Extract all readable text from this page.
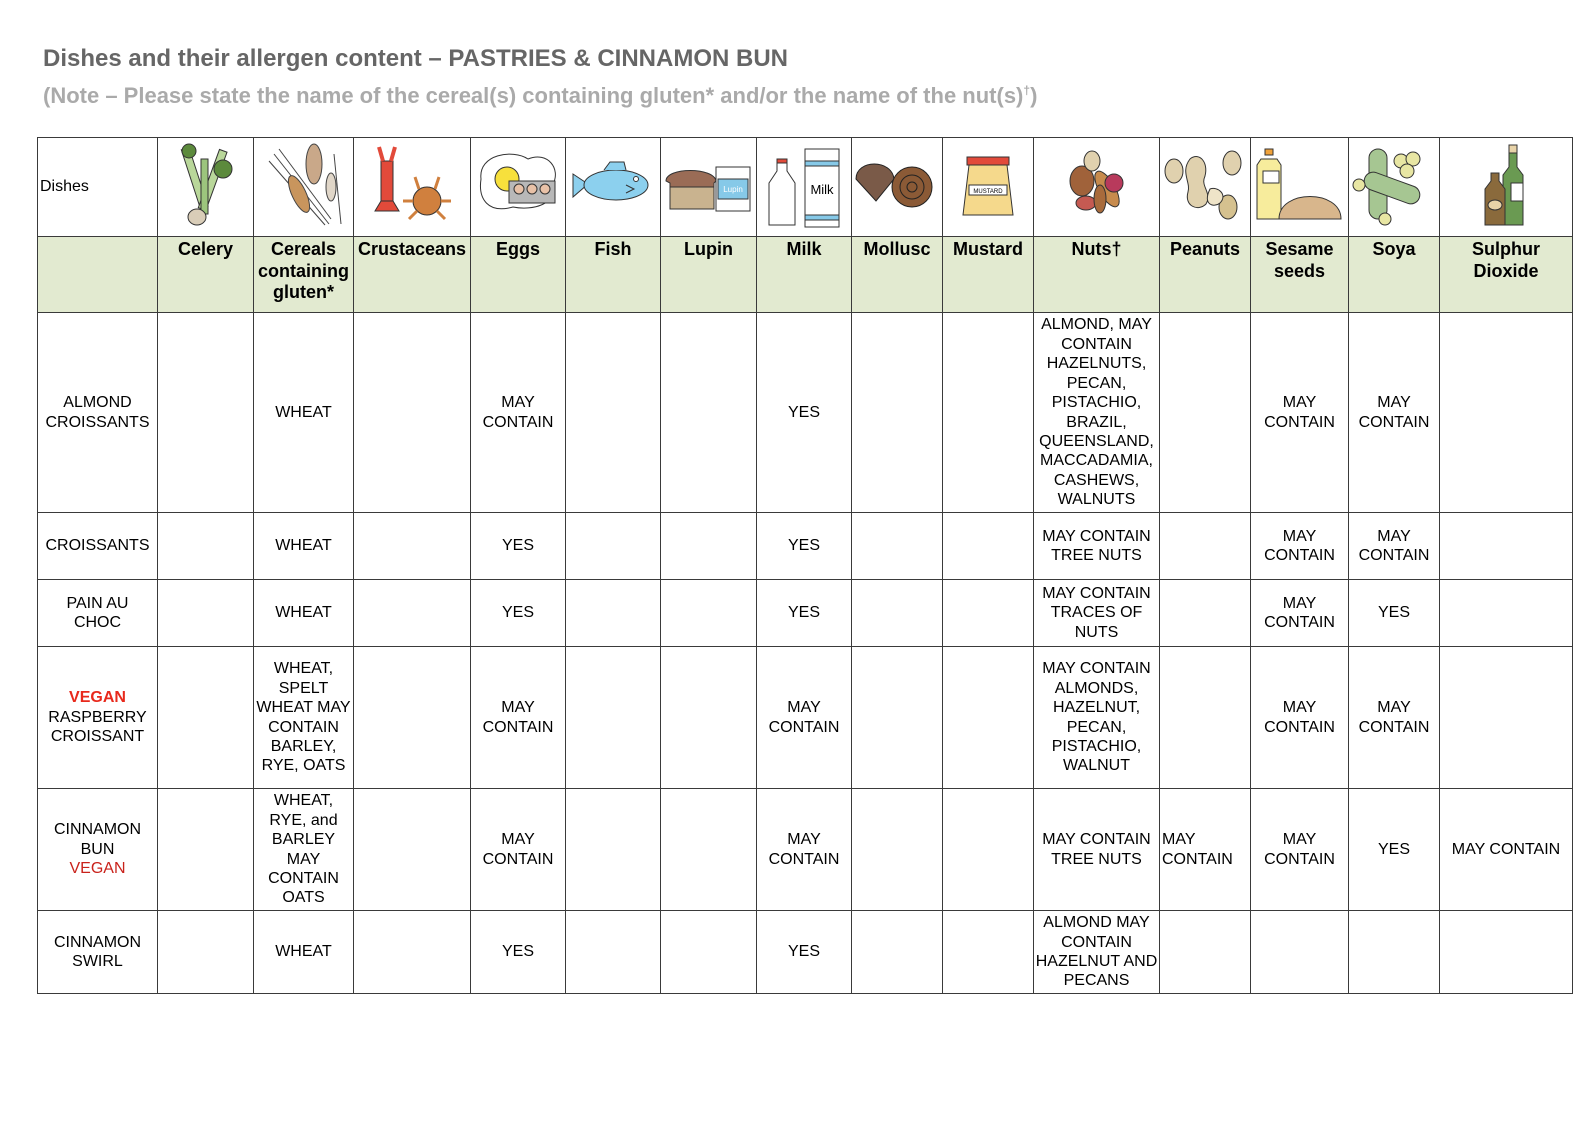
Dishes and their allergen content – PASTRIES & CINNAMON BUN
(Note – Please state the name of the cereal(s) containing gluten* and/or the name of the nut(s)†)
Dishes						Lupin	Milk		MUSTARD

	Celery	Cereals containing gluten*	Crustaceans	Eggs	Fish	Lupin	Milk	Mollusc	Mustard	Nuts†	Peanuts	Sesame seeds	Soya	Sulphur Dioxide

ALMOND
CROISSANTS		WHEAT		MAY CONTAIN			YES			ALMOND, MAY CONTAIN HAZELNUTS, PECAN, PISTACHIO, BRAZIL, QUEENSLAND, MACCADAMIA, CASHEWS, WALNUTS		MAY CONTAIN	MAY CONTAIN	

CROISSANTS		WHEAT		YES			YES			MAY CONTAIN TREE NUTS		MAY CONTAIN	MAY CONTAIN	

PAIN AU
CHOC		WHEAT		YES			YES			MAY CONTAIN TRACES OF NUTS		MAY CONTAIN	YES	

VEGAN
RASPBERRY
CROISSANT		WHEAT, SPELT WHEAT MAY CONTAIN BARLEY, RYE, OATS		MAY CONTAIN			MAY CONTAIN			MAY CONTAIN ALMONDS, HAZELNUT, PECAN, PISTACHIO, WALNUT		MAY CONTAIN	MAY CONTAIN	

CINNAMON
BUN
VEGAN		WHEAT, RYE, and BARLEY MAY CONTAIN OATS		MAY CONTAIN			MAY CONTAIN			MAY CONTAIN TREE NUTS	MAY CONTAIN	MAY CONTAIN	YES	MAY CONTAIN

CINNAMON
SWIRL		WHEAT		YES			YES			ALMOND MAY CONTAIN HAZELNUT AND PECANS				
